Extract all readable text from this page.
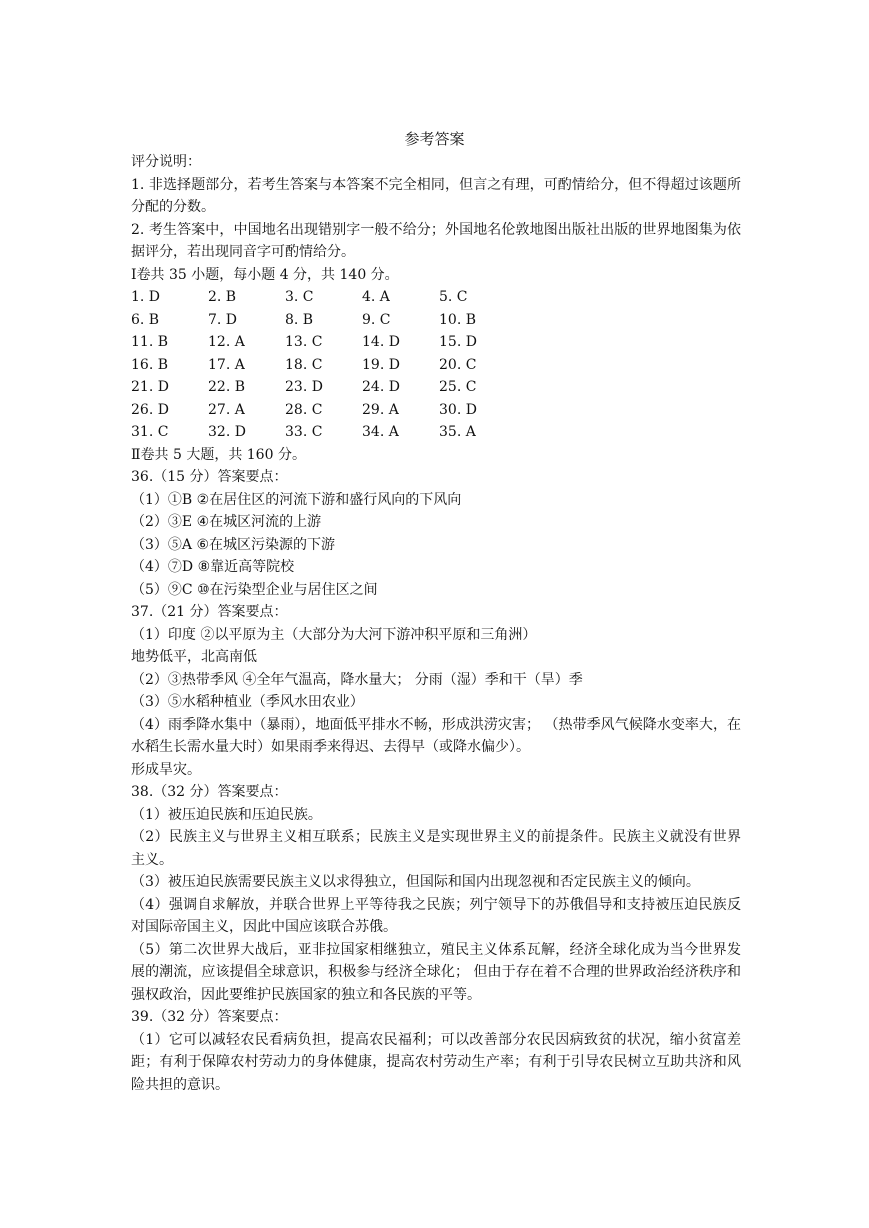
参考答案
评分说明：
1. 非选择题部分，若考生答案与本答案不完全相同，但言之有理，可酌情给分，但不得超过该题所分配的分数。
2. 考生答案中，中国地名出现错别字一般不给分；外国地名伦敦地图出版社出版的世界地图集为依据评分，若出现同音字可酌情给分。
Ⅰ卷共 35 小题，每小题 4 分，共 140 分。
1. D	2. B	3. C	4. A	5. C
6. B	7. D	8. B	9. C	10. B
11. B	12. A	13. C	14. D	15. D
16. B	17. A	18. C	19. D	20. C
21. D	22. B	23. D	24. D	25. C
26. D	27. A	28. C	29. A	30. D
31. C	32. D	33. C	34. A	35. A
Ⅱ卷共 5 大题，共 160 分。
36.（15 分）答案要点：
（1）①B ②在居住区的河流下游和盛行风向的下风向
（2）③E ④在城区河流的上游
（3）⑤A ⑥在城区污染源的下游
（4）⑦D ⑧靠近高等院校
（5）⑨C ⑩在污染型企业与居住区之间
37.（21 分）答案要点：
（1）印度 ②以平原为主（大部分为大河下游冲积平原和三角洲）
地势低平，北高南低
（2）③热带季风 ④全年气温高，降水量大； 分雨（湿）季和干（旱）季
（3）⑤水稻种植业（季风水田农业）
（4）雨季降水集中（暴雨），地面低平排水不畅，形成洪涝灾害； （热带季风气候降水变率大，在水稻生长需水量大时）如果雨季来得迟、去得早（或降水偏少）。
形成旱灾。
38.（32 分）答案要点：
（1）被压迫民族和压迫民族。
（2）民族主义与世界主义相互联系；民族主义是实现世界主义的前提条件。民族主义就没有世界主义。
（3）被压迫民族需要民族主义以求得独立，但国际和国内出现忽视和否定民族主义的倾向。
（4）强调自求解放，并联合世界上平等待我之民族；列宁领导下的苏俄倡导和支持被压迫民族反对国际帝国主义，因此中国应该联合苏俄。
（5）第二次世界大战后，亚非拉国家相继独立，殖民主义体系瓦解，经济全球化成为当今世界发展的潮流，应该提倡全球意识，积极参与经济全球化； 但由于存在着不合理的世界政治经济秩序和强权政治，因此要维护民族国家的独立和各民族的平等。
39.（32 分）答案要点：
（1）它可以减轻农民看病负担，提高农民福利；可以改善部分农民因病致贫的状况，缩小贫富差距；有利于保障农村劳动力的身体健康，提高农村劳动生产率；有利于引导农民树立互助共济和风险共担的意识。
